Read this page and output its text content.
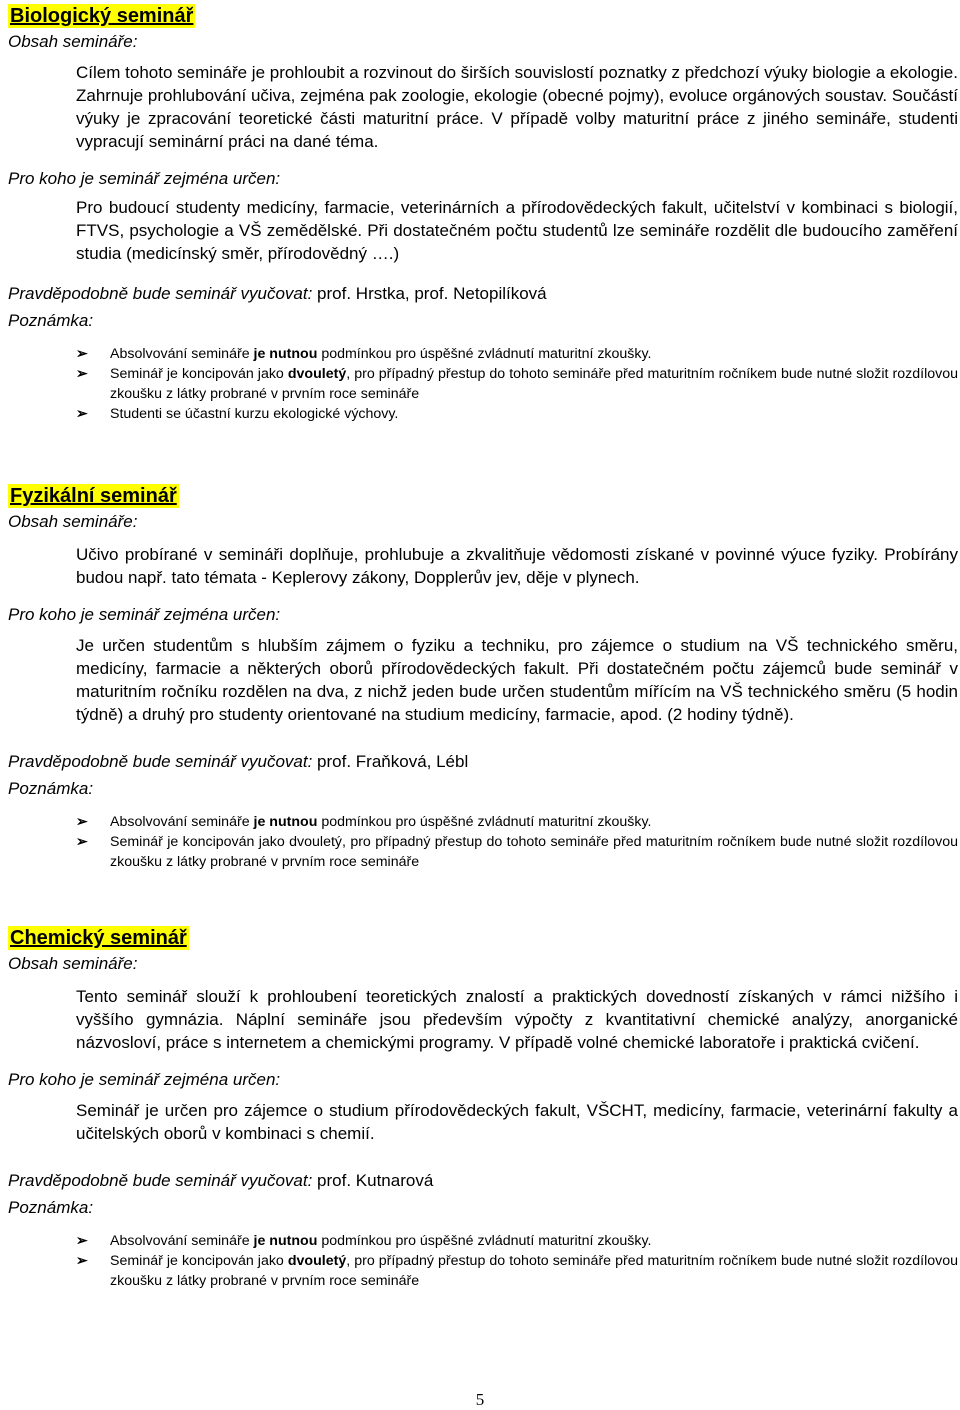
Biologický seminář
Obsah semináře:
Cílem tohoto semináře je prohloubit a rozvinout do širších souvislostí poznatky z předchozí výuky biologie a ekologie. Zahrnuje prohlubování učiva, zejména pak zoologie, ekologie (obecné pojmy), evoluce orgánových soustav. Součástí výuky je zpracování teoretické části maturitní práce. V případě volby maturitní práce z jiného semináře, studenti vypracují seminární práci na dané téma.
Pro koho je seminář zejména určen:
Pro budoucí studenty medicíny, farmacie, veterinárních a přírodovědeckých fakult, učitelství v kombinaci s biologií, FTVS, psychologie a VŠ zemědělské. Při dostatečném počtu studentů lze semináře rozdělit dle budoucího zaměření studia (medicínský směr, přírodovědný ….)
Pravděpodobně bude seminář vyučovat: prof. Hrstka, prof. Netopilíková
Poznámka:
➢	Absolvování semináře je nutnou podmínkou pro úspěšné zvládnutí maturitní zkoušky.
➢	Seminář je koncipován jako dvouletý, pro případný přestup do tohoto semináře před maturitním ročníkem bude nutné složit rozdílovou zkoušku z látky probrané v prvním roce semináře
➢	Studenti se účastní kurzu ekologické výchovy.
Fyzikální seminář
Obsah semináře:
Učivo probírané v semináři doplňuje, prohlubuje a zkvalitňuje vědomosti získané v povinné výuce fyziky. Probírány budou např. tato témata - Keplerovy zákony, Dopplerův jev, děje v plynech.
Pro koho je seminář zejména určen:
Je určen studentům s hlubším zájmem o fyziku a techniku, pro zájemce o studium na VŠ technického směru, medicíny, farmacie a některých oborů přírodovědeckých fakult. Při dostatečném počtu zájemců bude seminář v maturitním ročníku rozdělen na dva, z nichž jeden bude určen studentům mířícím na VŠ technického směru (5 hodin týdně) a druhý pro studenty orientované na studium medicíny, farmacie, apod. (2 hodiny týdně).
Pravděpodobně bude seminář vyučovat: prof. Fraňková, Lébl
Poznámka:
➢	Absolvování semináře je nutnou podmínkou pro úspěšné zvládnutí maturitní zkoušky.
➢	Seminář je koncipován jako dvouletý, pro případný přestup do tohoto semináře před maturitním ročníkem bude nutné složit rozdílovou zkoušku z látky probrané v prvním roce semináře
Chemický seminář
Obsah semináře:
Tento seminář slouží k prohloubení teoretických znalostí a praktických dovedností získaných v rámci nižšího i vyššího gymnázia. Náplní semináře jsou především výpočty z kvantitativní chemické analýzy, anorganické názvosloví, práce s internetem a chemickými programy. V případě volné chemické laboratoře i praktická cvičení.
Pro koho je seminář zejména určen:
Seminář je určen pro zájemce o studium přírodovědeckých fakult, VŠCHT, medicíny, farmacie, veterinární fakulty a učitelských oborů v kombinaci s chemií.
Pravděpodobně bude seminář vyučovat: prof. Kutnarová
Poznámka:
➢	Absolvování semináře je nutnou podmínkou pro úspěšné zvládnutí maturitní zkoušky.
➢	Seminář je koncipován jako dvouletý, pro případný přestup do tohoto semináře před maturitním ročníkem bude nutné složit rozdílovou zkoušku z látky probrané v prvním roce semináře
5
